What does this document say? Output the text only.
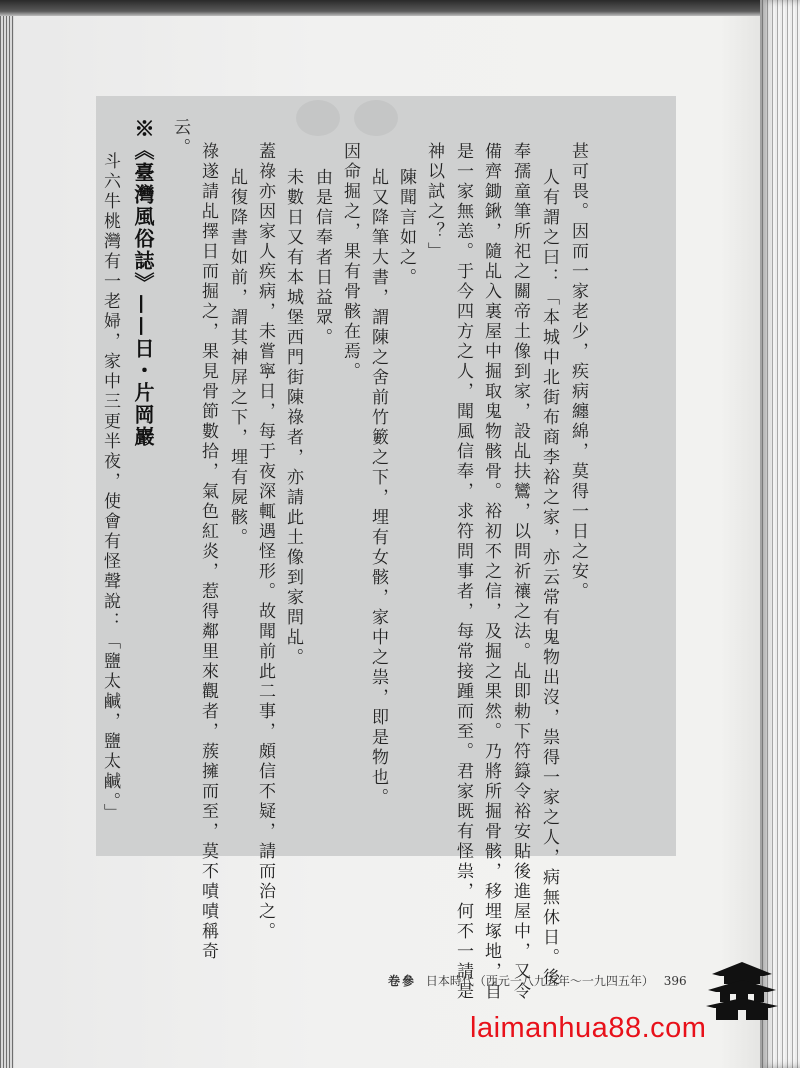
甚可畏。因而一家老少，疾病纏綿，莫得一日之安。
人有謂之曰：「本城中北街布商李裕之家，亦云常有鬼物出沒，祟得一家之人，病無休日。後
奉孺童筆所祀之關帝土像到家，設乩扶鸞，以問祈禳之法。乩即勅下符籙令裕安貼後進屋中，又令
備齊鋤鍬，隨乩入裏屋中掘取鬼物骸骨。裕初不之信，及掘之果然。乃將所掘骨骸，移埋塚地，自
是一家無恙。于今四方之人，聞風信奉，求符問事者，每常接踵而至。君家既有怪祟，何不一請是
神以試之？」
陳聞言如之。
乩又降筆大書，謂陳之舍前竹籔之下，埋有女骸，家中之祟，即是物也。
因命掘之，果有骨骸在焉。
由是信奉者日益眾。
未數日又有本城堡西門街陳祿者，亦請此土像到家問乩。
蓋祿亦因家人疾病，未嘗寧日，每于夜深輒遇怪形。故聞前此二事，頗信不疑，請而治之。
乩復降書如前，謂其神屏之下，埋有屍骸。
祿遂請乩擇日而掘之，果見骨節數拾，氣色紅炎，惹得鄰里來觀者，蔟擁而至，莫不嘖嘖稱奇
云。
※《臺灣風俗誌》——日・片岡巖
斗六牛桃灣有一老婦，家中三更半夜，使會有怪聲說：「鹽太鹹，鹽太鹹。」
卷參 日本時代（西元一八九五年～一九四五年） 396
laimanhua88.com
